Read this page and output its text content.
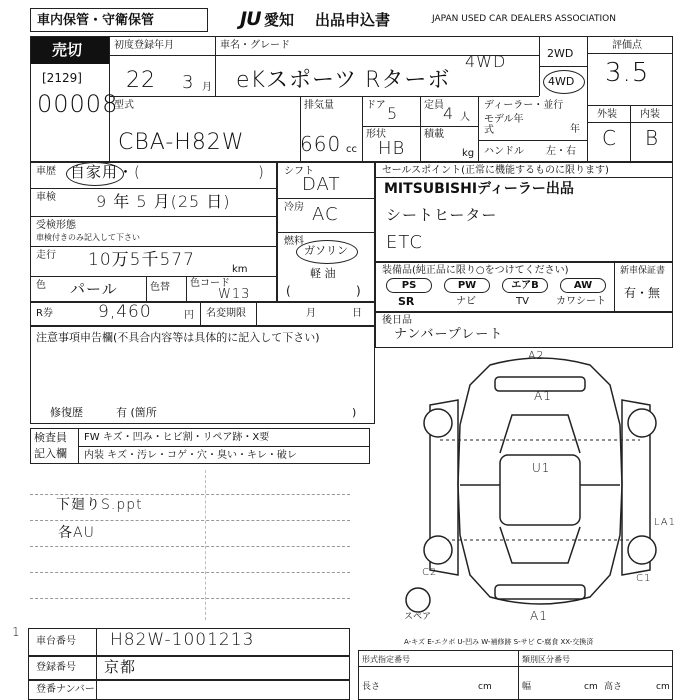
車内保管・守衛保管	JU 愛知 出品申込書	JAPAN USED CAR DEALERS ASSOCIATION
売切
[2129]
00008
初度登録年月
22 3 月
車名・グレード
eKスポーツ Rターボ
4WD	2WD
4WD
評価点
3.5
外装 内装
C B
型式
CBA-H82W
排気量
660 cc
ドア 5	定員 4 人
形状
HB
積載
kg
ディーラー・並行
モデル年式	年
ハンドル 左・右
車歴 自家用・(	)
車検	9 年 5 月(25 日)
受検形態
車検付きのみ記入して下さい
走行 10万5千577	km
色 パール	色替 色コード
W13
シフト
DAT
冷房 AC
燃料
ガソリン
軽 油
(	)
セールスポイント(正常に機能するものに限ります)
MITSUBISHIディーラー出品
シートヒーター
ETC
装備品(純正品に限り○をつけてください)	新車保証書
有・無
PS	PW	エアB	AW
SR	ナビ	TV	カワシート
R券	9,460	円 名変期限	月	日
後日品
ナンバープレート
注意事項申告欄(不具合内容等は具体的に記入して下さい)
修復歴	有 (箇所	)
検査員
記入欄
FW キズ・凹み・ヒビ割・リペア跡・X要
内装 キズ・汚レ・コゲ・穴・臭い・キレ・破レ
下廻りS.ppt
各AU
A2
A1
U1
A1
LA1
C2
C1
スペア
A-キズ E-エクボ U-凹み W-補修跡 S-サビ C-腐食 XX-交換済
1
車台番号 H82W-1001213
登録番号 京都
登番ナンバー
形式指定番号	類別区分番号
長さ	cm	幅	cm 高さ	cm
